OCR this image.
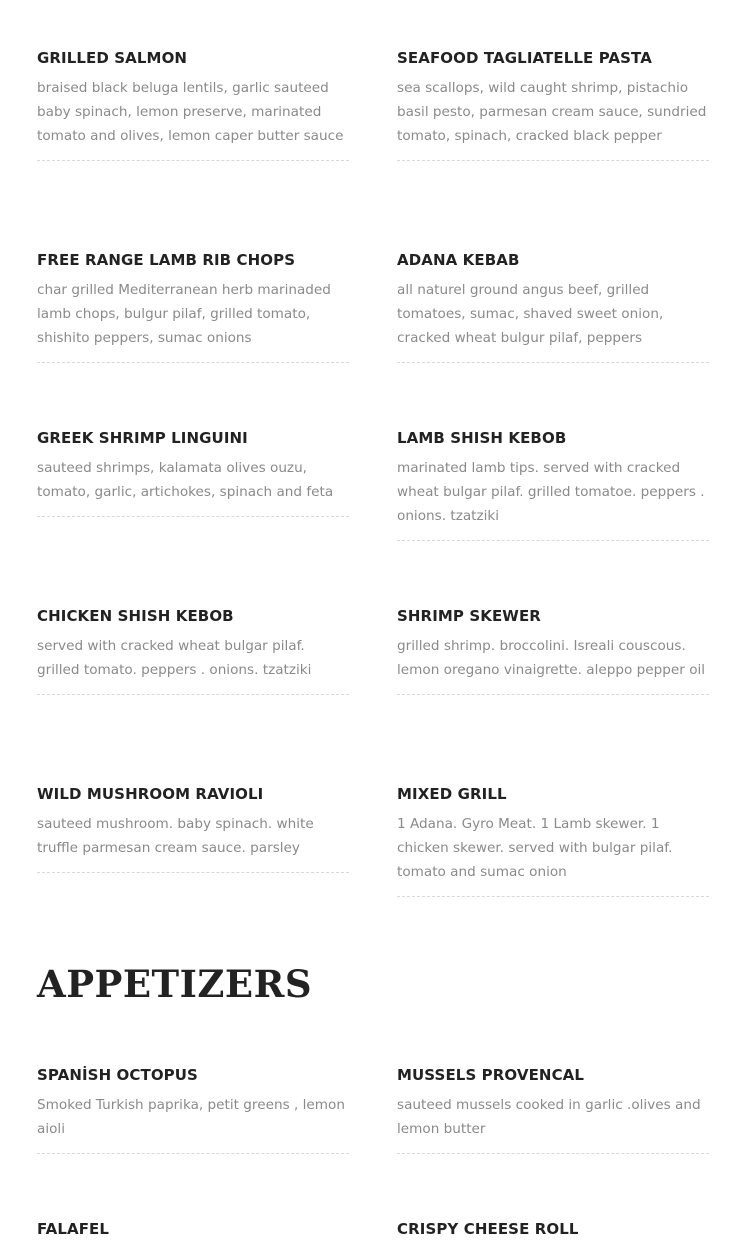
GRILLED SALMON

braised black beluga lentils, garlic sauteed baby spinach, lemon preserve, marinated tomato and olives, lemon caper butter sauce

SEAFOOD TAGLIATELLE PASTA

sea scallops, wild caught shrimp, pistachio basil pesto, parmesan cream sauce, sundried tomato, spinach, cracked black pepper

FREE RANGE LAMB RIB CHOPS

char grilled Mediterranean herb marinaded lamb chops, bulgur pilaf, grilled tomato, shishito peppers, sumac onions

ADANA KEBAB

all naturel ground angus beef, grilled tomatoes, sumac, shaved sweet onion, cracked wheat bulgur pilaf, peppers

GREEK SHRIMP LINGUINI

sauteed shrimps, kalamata olives ouzu, tomato, garlic, artichokes, spinach and feta

LAMB SHISH KEBOB

marinated lamb tips. served with cracked wheat bulgar pilaf. grilled tomatoe. peppers . onions. tzatziki

CHICKEN SHISH KEBOB

served with cracked wheat bulgar pilaf. grilled tomato. peppers . onions. tzatziki

SHRIMP SKEWER

grilled shrimp. broccolini. Isreali couscous. lemon oregano vinaigrette. aleppo pepper oil

WILD MUSHROOM RAVIOLI

sauteed mushroom. baby spinach. white truffle parmesan cream sauce. parsley

MIXED GRILL

1 Adana. Gyro Meat. 1 Lamb skewer. 1 chicken skewer. served with bulgar pilaf. tomato and sumac onion

APPETIZERS
SPANİSH OCTOPUS

Smoked Turkish paprika, petit greens , lemon aioli

MUSSELS PROVENCAL

sauteed mussels cooked in garlic .olives and lemon butter

FALAFEL	CRISPY CHEESE ROLL
